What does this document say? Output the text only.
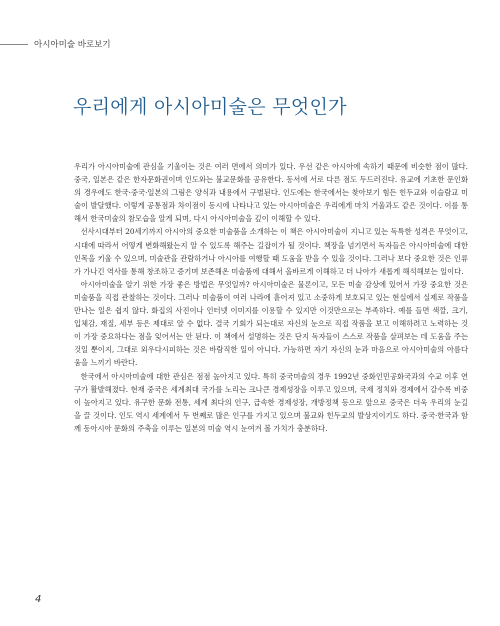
아시아미술 바로보기
우리에게 아시아미술은 무엇인가

우리가 아시아미술에 관심을 기울이는 것은 여러 면에서 의미가 있다. 우선 같은 아시아에 속하기 때문에 비슷한 점이 많다. 중국, 일본은 같은 한자문화권이며 인도와는 불교문화를 공유한다. 동서에 서로 다른 점도 두드러진다. 유교에 기초한 문인화의 경우에도 한국·중국·일본의 그림은 양식과 내용에서 구별된다. 인도에는 한국에서는 찾아보기 힘든 힌두교와 이슬람교 미술이 발달했다. 이렇게 공통점과 차이점이 동시에 나타나고 있는 아시아미술은 우리에게 마치 거울과도 같은 것이다. 이를 통해서 한국미술의 참모습을 알게 되며, 다시 아시아미술을 깊이 이해할 수 있다.

선사시대부터 20세기까지 아시아의 중요한 미술품을 소개하는 이 책은 아시아미술이 지니고 있는 독특한 성격은 무엇이고, 시대에 따라서 어떻게 변화해왔는지 알 수 있도록 해주는 길잡이가 될 것이다. 책장을 넘기면서 독자들은 아시아미술에 대한 인목을 키울 수 있으며, 미술관을 관람하거나 아시아를 여행할 때 도움을 받을 수 있을 것이다. 그러나 보다 중요한 것은 인류가 가나긴 역사를 통해 창조하고 증기며 보존해온 미술품에 대해서 올바르게 이해하고 더 나아가 새롭게 해석해보는 일이다.

아시아미술을 알기 위한 가장 좋은 방법은 무엇일까? 아시아미술은 물론이고, 모든 미술 감상에 있어서 가장 중요한 것은 미술품을 직접 관찰하는 것이다. 그러나 미술품이 여러 나라에 흩어져 있고 소중하게 보호되고 있는 현실에서 실제로 작품을 만나는 일은 쉽지 않다. 화집의 사진이나 인터넷 이미지를 이용할 수 있지만 이것만으로는 부족하다. 예를 들면 색깔, 크기, 입체감, 재질, 세부 등은 제대로 알 수 없다. 결국 기회가 되는대로 자신의 눈으로 직접 작품을 보고 이해하려고 노력하는 것이 가장 중요하다는 점을 잊어서는 안 된다. 이 책에서 설명하는 것은 단지 독자들이 스스로 작품을 살펴보는 데 도움을 주는 것일 뿐이지, 그대로 외우다시피하는 것은 바람직한 일이 아니다. 가능하면 자기 자신의 눈과 마음으로 아시아미술의 아름다움을 느끼기 바란다.

한국에서 아시아미술에 대한 관심은 점점 높아지고 있다. 특히 중국미술의 경우 1992년 중화인민공화국과의 수교 이후 연구가 활발해졌다. 현재 중국은 세계최대 국가를 노리는 크나큰 경제성장을 이루고 있으며, 국제 정치와 경제에서 갈수록 비중이 높아지고 있다. 유구한 문화 전통, 세계 최다의 인구, 급속한 경제성장, 개방정책 등으로 앞으로 중국은 더욱 우리의 눈길을 끌 것이다. 인도 역시 세계에서 두 번째로 많은 인구를 가지고 있으며 불교와 힌두교의 발상지이기도 하다. 중국·한국과 함께 동아시아 문화의 주축을 이루는 일본의 미술 역시 눈여겨 볼 가치가 충분하다.

4
